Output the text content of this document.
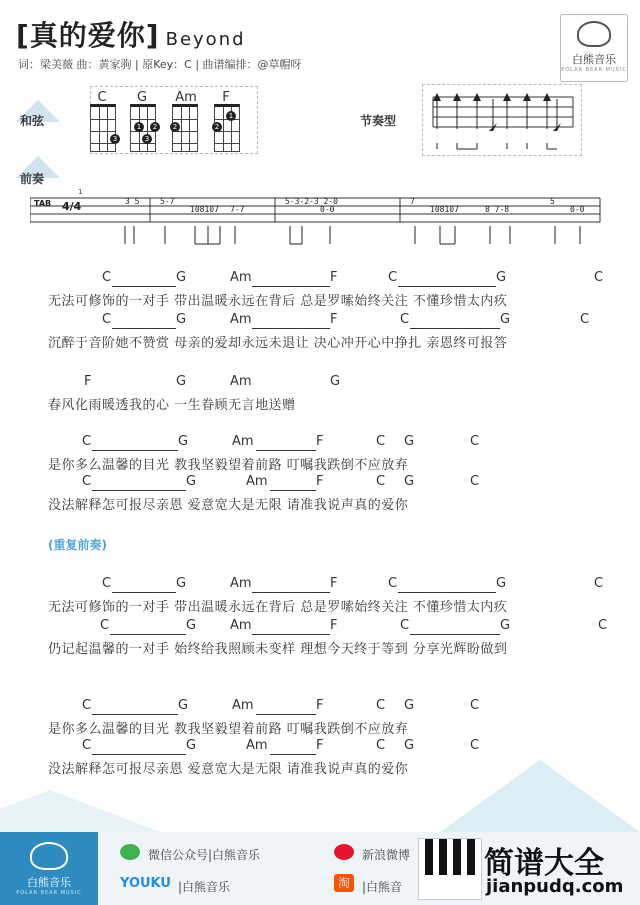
[真的爱你] Beyond
词：梁美薇 曲：黄家驹 | 原Key：C | 曲谱编排：@草帽呀	白熊音乐
POLAR BEAR MUSIC
和弦
C	G	Am	F
3
1	2
3
2
1
2	节奏型
前奏
3 5	5-7
108107 7-7
5-3-2-3 2-0
0-0
7
108107	8 7-8
5
0-0
TAB 4/4
1
C	G	Am	F	C	G	C
无法可修饰的一对手 带出温暖永远在背后 总是罗嗦始终关注 不懂珍惜太内疚
C	G	Am	F	C	G	C
沉醉于音阶她不赞赏 母亲的爱却永远未退让 决心冲开心中挣扎 亲恩终可报答
F	G	Am	G
春风化雨暖透我的心 一生眷顾无言地送赠
C	G	Am	F	C G	C
是你多么温馨的目光 教我坚毅望着前路 叮嘱我跌倒不应放弃
C	G	Am	F	C G	C
没法解释怎可报尽亲恩 爱意宽大是无限 请准我说声真的爱你
(重复前奏)
C	G	Am	F	C	G	C
无法可修饰的一对手 带出温暖永远在背后 总是罗嗦始终关注 不懂珍惜太内疚
C	G	Am	F	C	G	C
仍记起温馨的一对手 始终给我照顾未变样 理想今天终于等到 分享光辉盼做到
C	G	Am	F	C G	C
是你多么温馨的目光 教我坚毅望着前路 叮嘱我跌倒不应放弃
C	G	Am	F	C G	C
没法解释怎可报尽亲恩 爱意宽大是无限 请准我说声真的爱你
白熊音乐
POLAR BEAR MUSIC
微信公众号|白熊音乐	新浪微博
YOUKU |白熊音乐	淘	|白熊音
简谱大全
jianpudq.com
